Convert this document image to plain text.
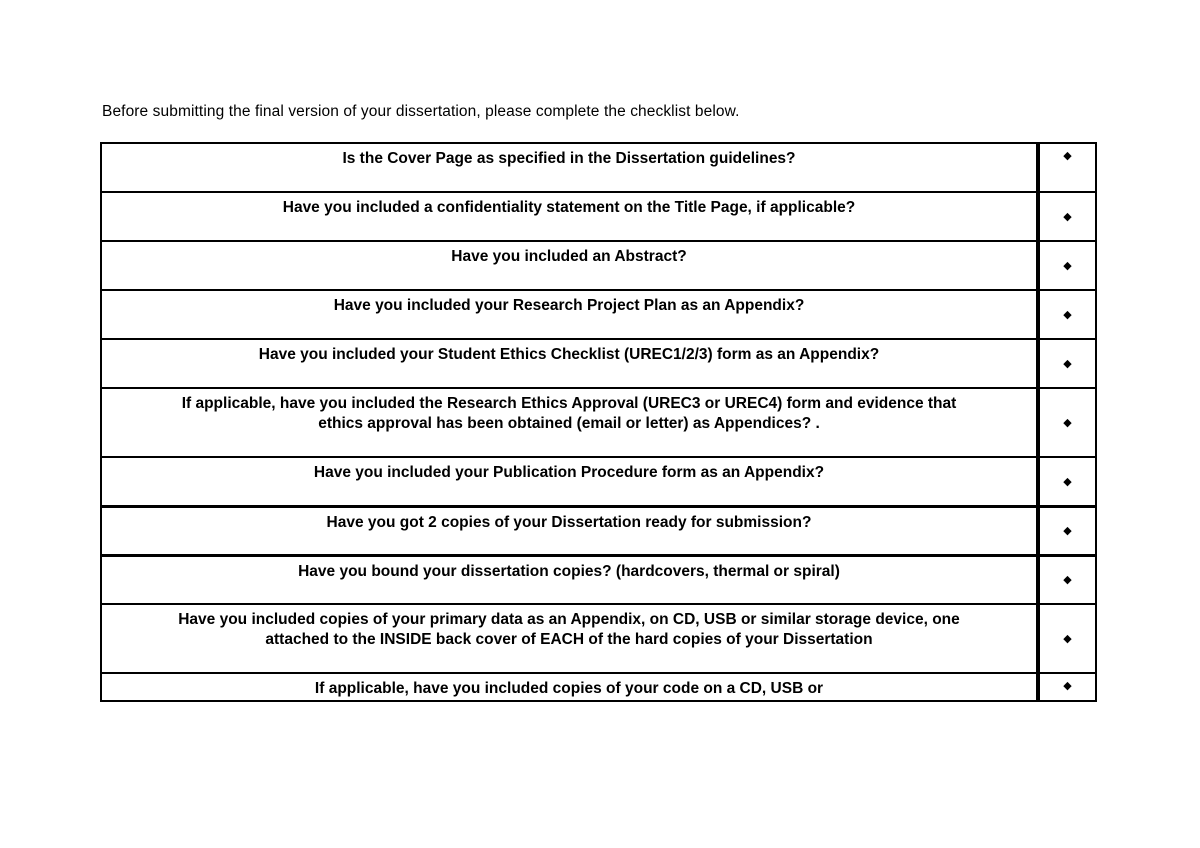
Before submitting the final version of your dissertation, please complete the checklist below.
Is the Cover Page as specified in the Dissertation guidelines?	◆

Have you included a confidentiality statement on the Title Page, if applicable?	◆

Have you included an Abstract?	◆

Have you included your Research Project Plan as an Appendix?	◆

Have you included your Student Ethics Checklist (UREC1/2/3) form as an Appendix?	◆

If applicable, have you included the Research Ethics Approval (UREC3 or UREC4) form and evidence that
ethics approval has been obtained (email or letter) as Appendices? .	◆

Have you included your Publication Procedure form as an Appendix?	◆

Have you got 2 copies of your Dissertation ready for submission?	◆

Have you bound your dissertation copies? (hardcovers, thermal or spiral)	◆

Have you included copies of your primary data as an Appendix, on CD, USB or similar storage device, one
attached to the INSIDE back cover of EACH of the hard copies of your Dissertation	◆

If applicable, have you included copies of your code on a CD, USB or	◆
